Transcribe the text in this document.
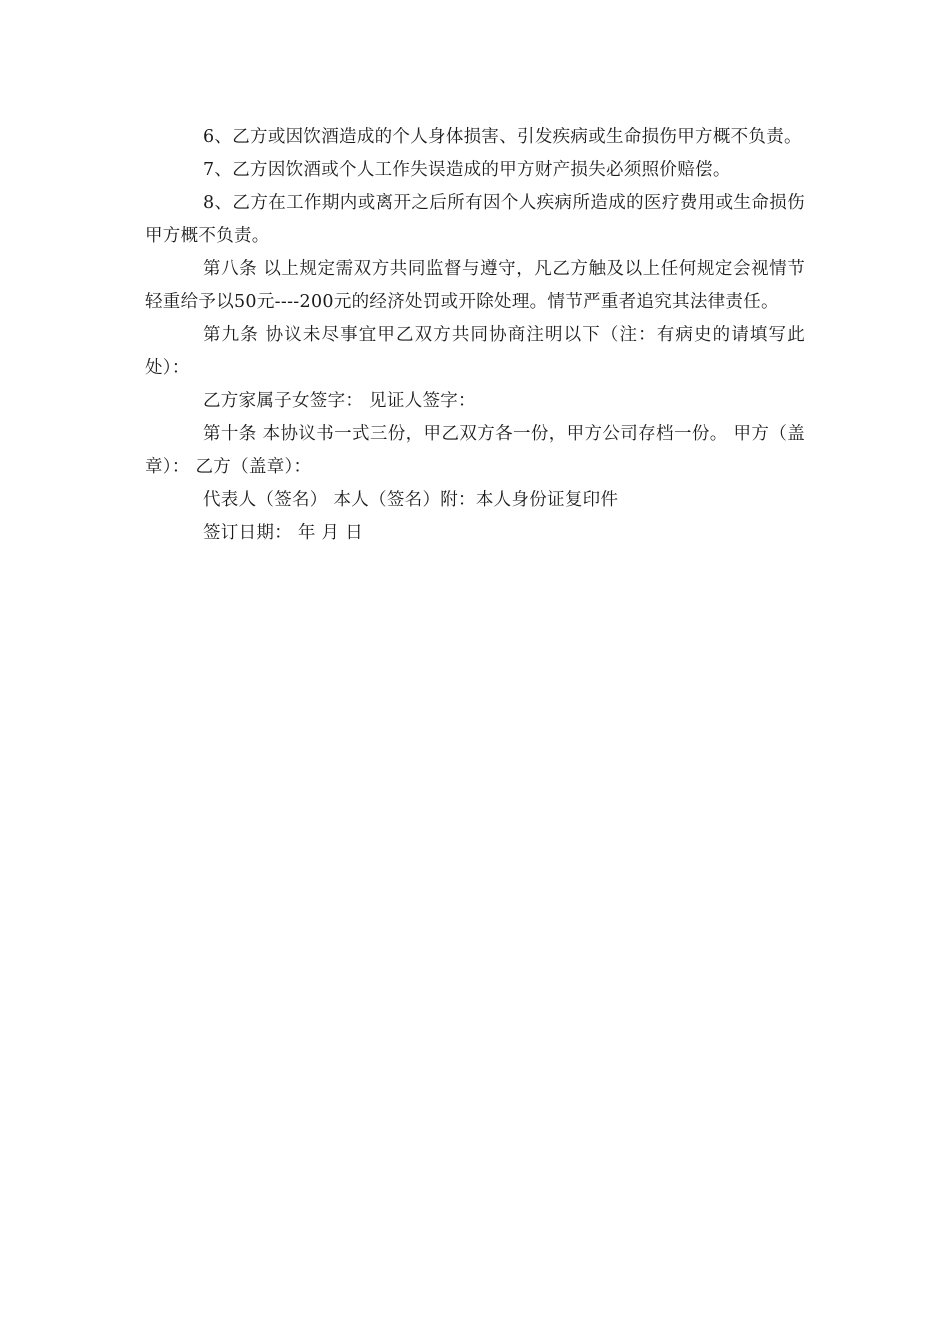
6、乙方或因饮酒造成的个人身体损害、引发疾病或生命损伤甲方概不负责。

7、乙方因饮酒或个人工作失误造成的甲方财产损失必须照价赔偿。

8、乙方在工作期内或离开之后所有因个人疾病所造成的医疗费用或生命损伤甲方概不负责。

第八条 以上规定需双方共同监督与遵守，凡乙方触及以上任何规定会视情节轻重给予以50元----200元的经济处罚或开除处理。情节严重者追究其法律责任。

第九条 协议未尽事宜甲乙双方共同协商注明以下（注：有病史的请填写此处）：

乙方家属子女签字： 见证人签字：

第十条 本协议书一式三份，甲乙双方各一份，甲方公司存档一份。 甲方（盖章）： 乙方（盖章）：

代表人（签名） 本人（签名）附：本人身份证复印件

签订日期： 年 月 日
